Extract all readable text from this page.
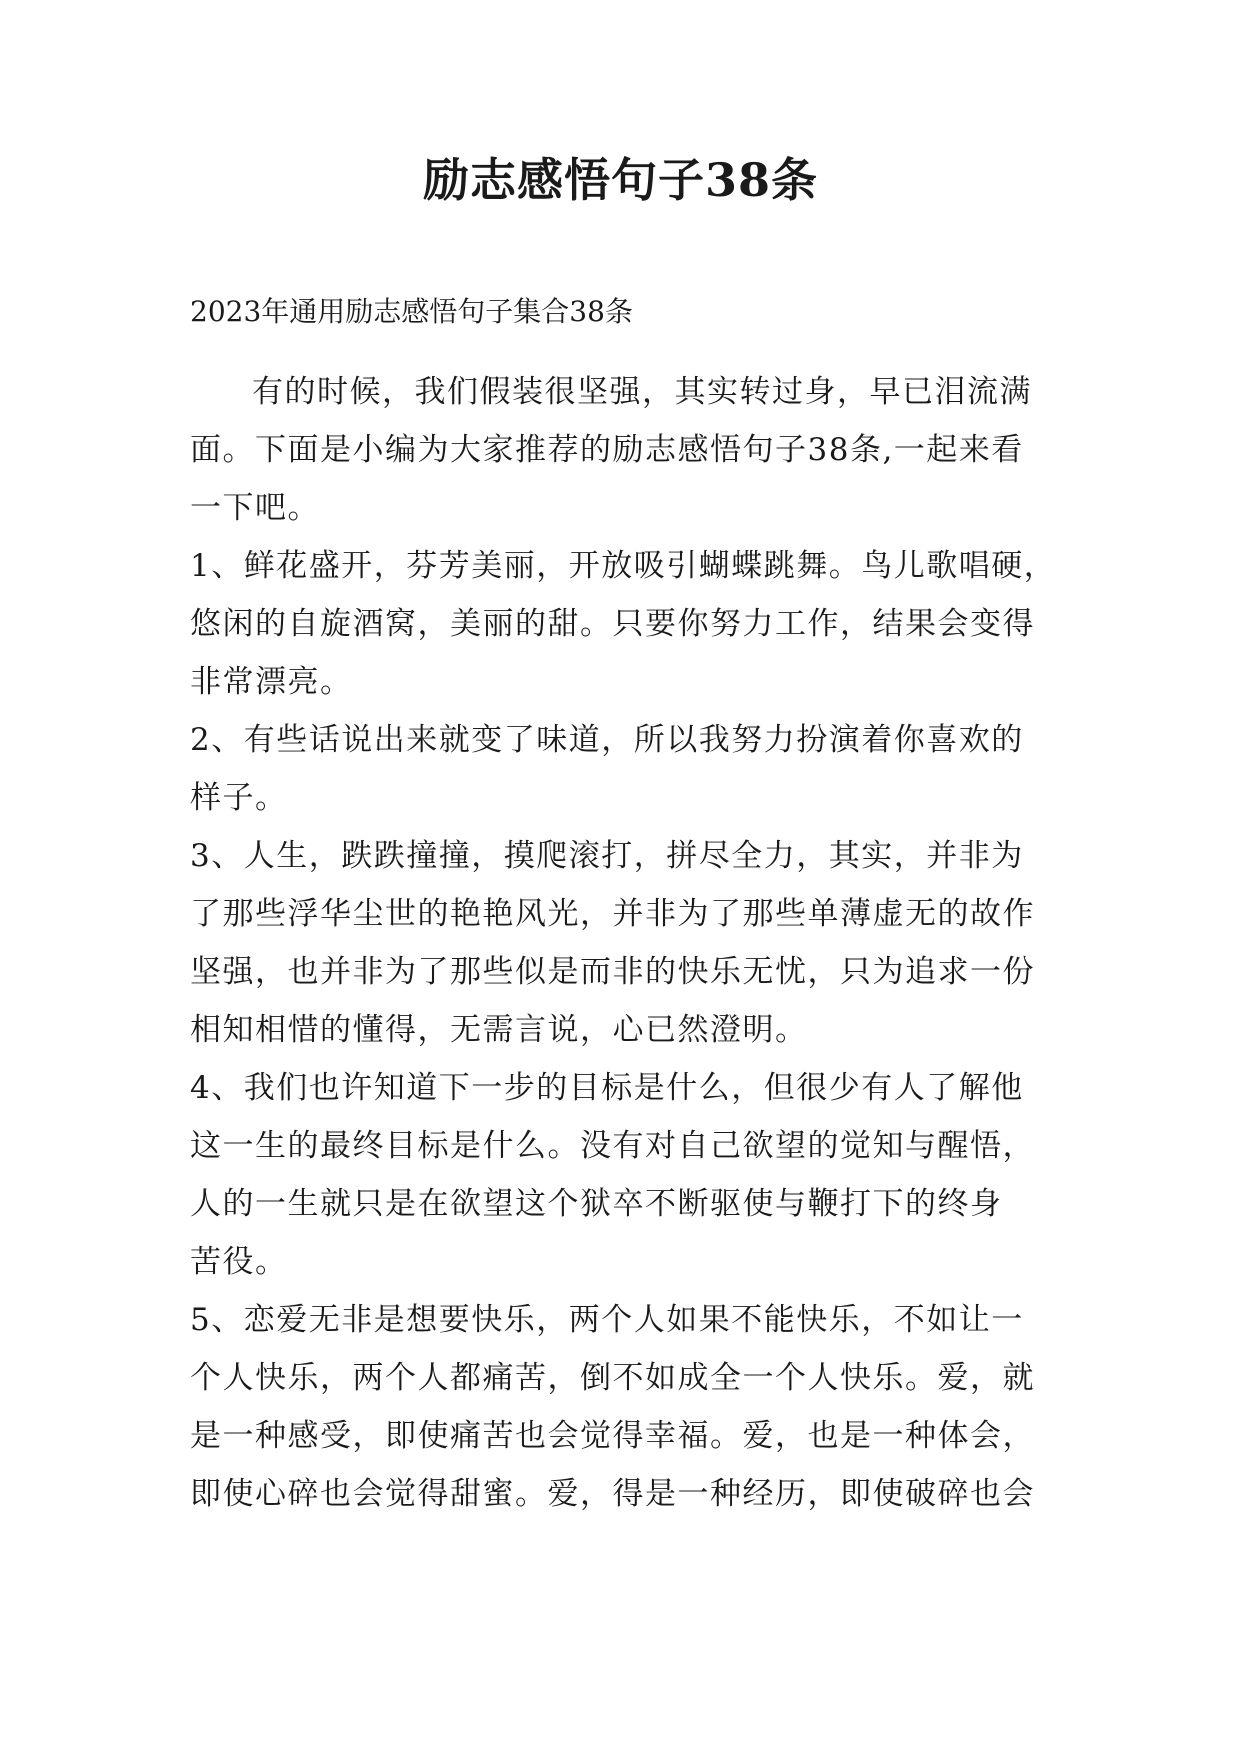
励志感悟句子38条
2023年通用励志感悟句子集合38条
有的时候，我们假装很坚强，其实转过身，早已泪流满
面。下面是小编为大家推荐的励志感悟句子38条,一起来看
一下吧。
1、鲜花盛开，芬芳美丽，开放吸引蝴蝶跳舞。鸟儿歌唱硬，
悠闲的自旋酒窝，美丽的甜。只要你努力工作，结果会变得
非常漂亮。
2、有些话说出来就变了味道，所以我努力扮演着你喜欢的
样子。
3、人生，跌跌撞撞，摸爬滚打，拼尽全力，其实，并非为
了那些浮华尘世的艳艳风光，并非为了那些单薄虚无的故作
坚强，也并非为了那些似是而非的快乐无忧，只为追求一份
相知相惜的懂得，无需言说，心已然澄明。
4、我们也许知道下一步的目标是什么，但很少有人了解他
这一生的最终目标是什么。没有对自己欲望的觉知与醒悟，
人的一生就只是在欲望这个狱卒不断驱使与鞭打下的终身
苦役。
5、恋爱无非是想要快乐，两个人如果不能快乐，不如让一
个人快乐，两个人都痛苦，倒不如成全一个人快乐。爱，就
是一种感受，即使痛苦也会觉得幸福。爱，也是一种体会，
即使心碎也会觉得甜蜜。爱，得是一种经历，即使破碎也会
